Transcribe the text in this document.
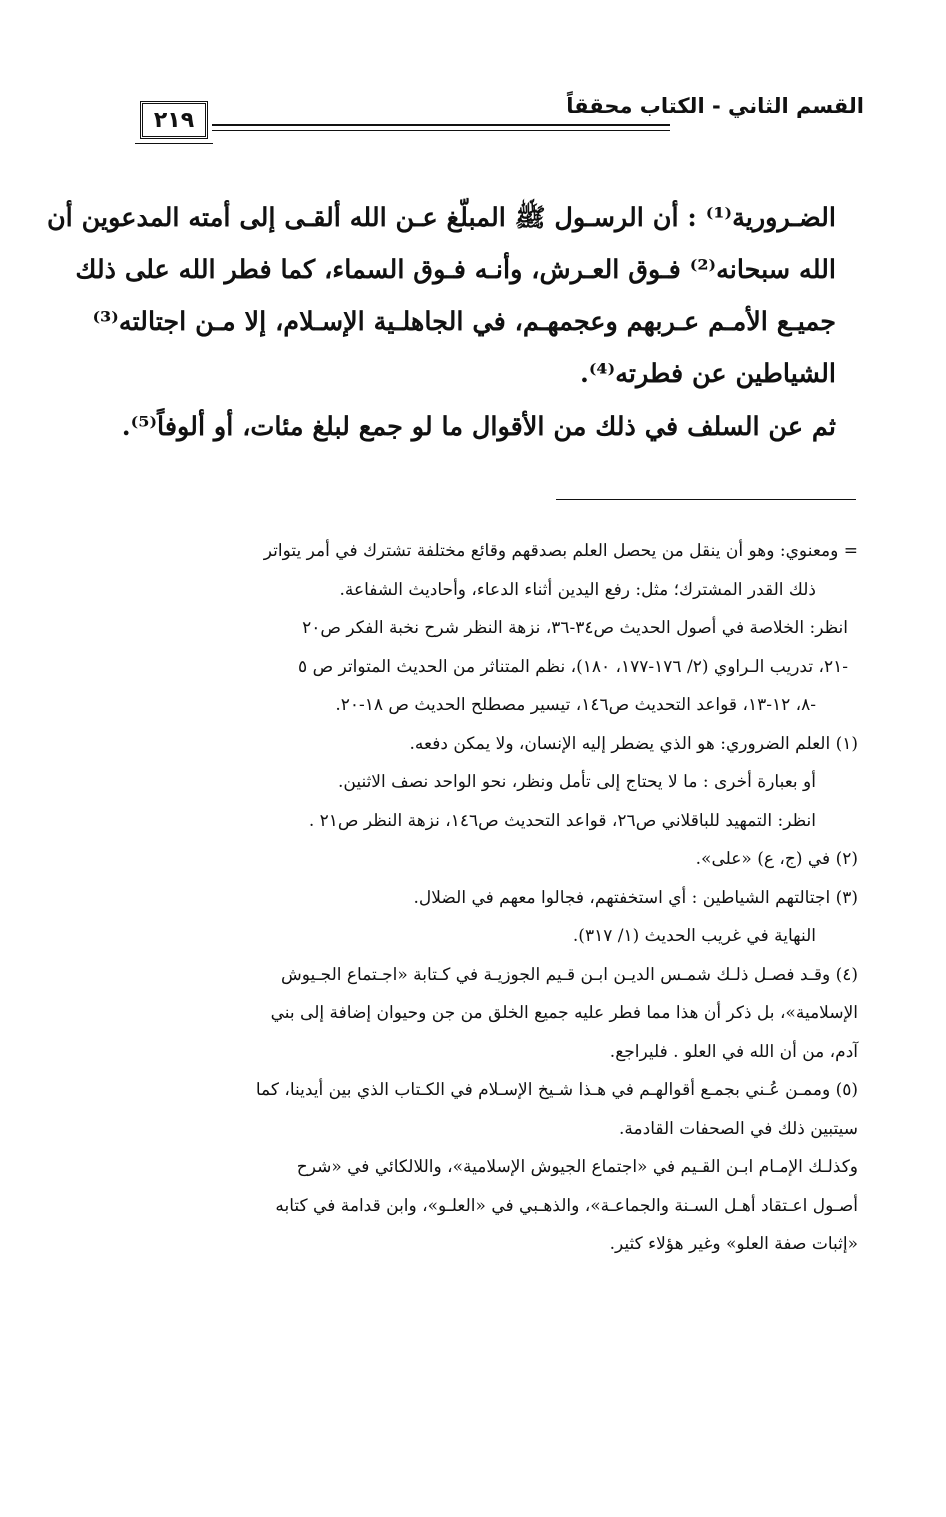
القسم الثاني - الكتاب محققاً
٢١٩
الضـرورية⁽¹⁾ : أن الرسـول ﷺ المبلّغ عـن الله ألقـى إلى أمته المدعوين أن
الله سبحانه⁽²⁾ فـوق العـرش، وأنـه فـوق السماء، كما فطر الله على ذلك
جميـع الأمـم عـربهم وعجمهـم، في الجاهلـية الإسـلام، إلا مـن اجتالته⁽³⁾
الشياطين عن فطرته⁽⁴⁾.
ثم عن السلف في ذلك من الأقوال ما لو جمع لبلغ مئات، أو ألوفاً⁽⁵⁾.
= ومعنوي: وهو أن ينقل من يحصل العلم بصدقهم وقائع مختلفة تشترك في أمر يتواتر
ذلك القدر المشترك؛ مثل: رفع اليدين أثناء الدعاء، وأحاديث الشفاعة.
انظر: الخلاصة في أصول الحديث ص٣٤-٣٦، نزهة النظر شرح نخبة الفكر ص٢٠
-٢١، تدريب الـراوي (٢/ ١٧٦-١٧٧، ١٨٠)، نظم المتناثر من الحديث المتواتر ص ٥
-٨، ١٢-١٣، قواعد التحديث ص١٤٦، تيسير مصطلح الحديث ص ١٨-٢٠.
(١) العلم الضروري: هو الذي يضطر إليه الإنسان، ولا يمكن دفعه.
أو بعبارة أخرى : ما لا يحتاج إلى تأمل ونظر، نحو الواحد نصف الاثنين.
انظر: التمهيد للباقلاني ص٢٦، قواعد التحديث ص١٤٦، نزهة النظر ص٢١ .
(٢) في (ج، ع) «على».
(٣) اجتالتهم الشياطين : أي استخفتهم، فجالوا معهم في الضلال.
النهاية في غريب الحديث (١/ ٣١٧).
(٤) وقـد فصـل ذلـك شمـس الديـن ابـن قـيم الجوزيـة في كـتابة «اجـتماع الجـيوش
الإسلامية»، بل ذكر أن هذا مما فطر عليه جميع الخلق من جن وحيوان إضافة إلى بني
آدم، من أن الله في العلو . فليراجع.
(٥) وممـن عُـني بجمـع أقوالهـم في هـذا شـيخ الإسـلام في الكـتاب الذي بين أيدينا، كما
سيتبين ذلك في الصحفات القادمة.
وكذلـك الإمـام ابـن القـيم في «اجتماع الجيوش الإسلامية»، واللالكائي في «شرح
أصـول اعـتقاد أهـل السـنة والجماعـة»، والذهـبي في «العلـو»، وابن قدامة في كتابه
«إثبات صفة العلو» وغير هؤلاء كثير.
